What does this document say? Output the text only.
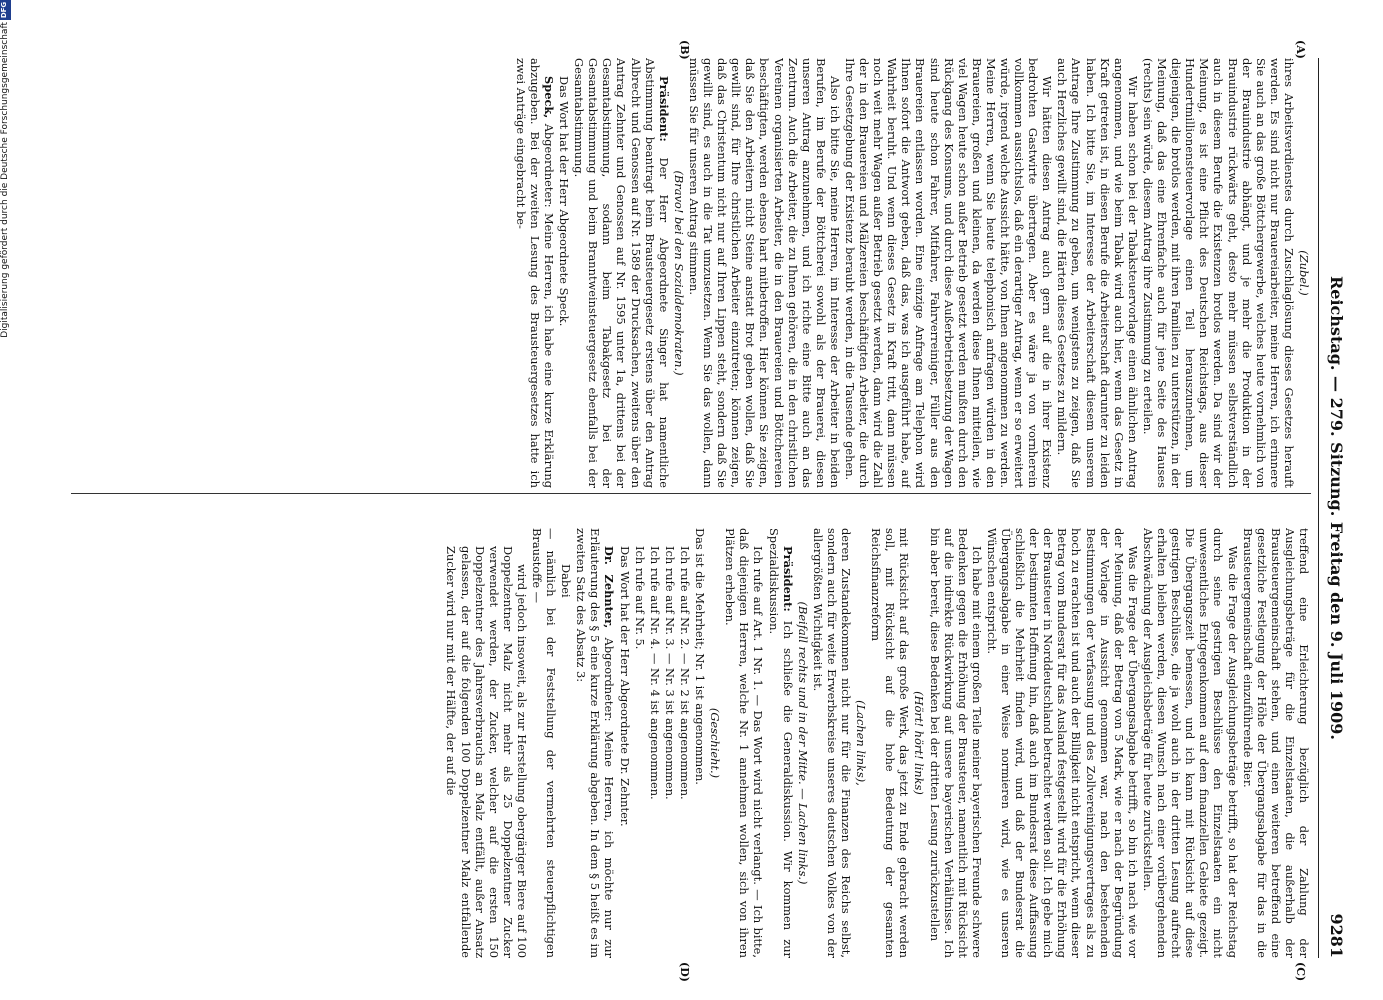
Reichstag. — 279. Sitzung. Freitag den 9. Juli 1909.
9281
(A)
(B)
(C)
(D)

(Zubel.)

ihres Arbeitsverdienstes durch Zuschlaglösung dieses Gesetzes herauft werden. Es sind nicht nur Brauereiarbeiter, meine Herren, ich erinnere Sie auch an das große Böttchergewerbe, welches heute vornehmlich von der Brauindustrie abhängt, und je mehr die Produktion in der Brauindustrie rückwärts geht, desto mehr müssen selbstverständlich auch in diesem Berufe die Existenzen brotlos werden. Da sind wir der Meinung, es ist eine Pflicht des Deutschen Reichstags, aus dieser Hundertmillionensteuervorlage einen Teil herauszunehmen, um diejenigen, die brotlos werden, mit ihren Familien zu unterstützen, in der Meinung, daß das eine Ehrenfache auch für jene Seite des Hauses (rechts) sein würde, diesem Antrag ihre Zustimmung zu erteilen.

Wir haben schon bei der Tabaksteuervorlage einen ähnlichen Antrag angenommen, und wie beim Tabak wird auch hier, wenn das Gesetz in Kraft getreten ist, in diesen Berufe die Arbeiterschaft darunter zu leiden haben. Ich bitte Sie, im Interesse der Arbeiterschaft diesem unserem Antrage Ihre Zustimmung zu geben, um wenigstens zu zeigen, daß Sie auch Herzliches gewillt sind, die Härten dieses Gesetzes zu mildern.

Wir hätten diesen Antrag auch gern auf die in ihrer Existenz bedrohten Gastwirte übertragen. Aber es wäre ja von vornherein vollkommen aussichtslos, daß ein derartiger Antrag, wenn er so erweitert würde, irgend welche Aussicht hätte, von Ihnen angenommen zu werden. Meine Herren, wenn Sie heute telephonisch anfragen würden in den Brauereien, großen und kleinen, da werden diese Ihnen mitteilen, wie viel Wagen heute schon außer Betrieb gesetzt werden mußten durch den Rückgang des Konsums, und durch diese Außerbetriebsetzung der Wagen sind heute schon Fahrer, Mitfahrer, Fahrverreiniger, Füller aus den Brauereien entlassen worden. Eine einzige Anfrage am Telephon wird Ihnen sofort die Antwort geben, daß das, was ich ausgeführt habe, auf Wahrheit beruht. Und wenn dieses Gesetz in Kraft tritt, dann müssen noch weit mehr Wagen außer Betrieb gesetzt werden, dann wird die Zahl der in den Brauereien und Mälzereien beschäftigten Arbeiter, die durch Ihre Gesetzgebung der Existenz beraubt werden, in die Tausende gehen.

Also ich bitte Sie, meine Herren, im Interesse der Arbeiter in beiden Berufen, im Berufe der Böttcherei sowohl als der Brauerei, diesen unseren Antrag anzunehmen, und ich richte eine Bitte auch an das Zentrum. Auch die Arbeiter, die zu Ihnen gehören, die in den christlichen Vereinen organisierten Arbeiter, die in den Brauereien und Böttchereien beschäftigten, werden ebenso hart mitbetroffen. Hier können Sie zeigen, daß Sie den Arbeitern nicht Steine anstatt Brot geben wollen, daß Sie gewillt sind, für Ihre christlichen Arbeiter einzutreten; können zeigen, daß das Christentum nicht nur auf Ihren Lippen steht, sondern daß Sie gewillt sind, es auch in die Tat umzusetzen. Wenn Sie das wollen, dann müssen Sie für unseren Antrag stimmen.

(Bravo! bei den Sozialdemokraten.)

Präsident: Der Herr Abgeordnete Singer hat namentliche Abstimmung beantragt beim Brausteuergesetz erstens über den Antrag Albrecht und Genossen auf Nr. 1589 der Drucksachen, zweitens über den Antrag Zehnter und Genossen auf Nr. 1595 unter 1a, drittens bei der Gesamtabstimmung, sodann beim Tabakgesetz bei der Gesamtabstimmung und beim Branntweinsteuergesetz ebenfalls bei der Gesamtabstimmung.

Das Wort hat der Herr Abgeordnete Speck.

Speck, Abgeordneter: Meine Herren, ich habe eine kurze Erklärung abzugeben. Bei der zweiten Lesung des Brausteuergesetzes hatte ich zwei Anträge eingebracht be-

treffend eine Erleichterung bezüglich der Zahlung der Ausgleichungsbeträge für die Einzelstaaten, die außerhalb der Brausteuergemeinschaft stehen, und einen weiteren betreffend eine gesetzliche Festlegung der Höhe der Übergangsabgabe für das in die Brausteuergemeinschaft einzuführende Bier.

Was die Frage der Ausgleichungsbeträge betrifft, so hat der Reichstag durch seine gestrigen Beschlüsse den Einzelstaaten ein nicht unwesentliches Entgegenkommen auf dem finanziellen Gebiete gezeigt. Die Übergangszeit bemessen, und ich kann mit Rücksicht auf diese gestrigen Beschlüsse, die ja wohl auch in der dritten Lesung aufrecht erhalten bleiben werden, diesen Wunsch nach einer vorübergehenden Abschwächung der Ausgleichsbeträge für heute zurückstellen.

Was die Frage der Übergangsabgabe betrifft, so bin ich nach wie vor der Meinung, daß der Betrag von 5 Mark, wie er nach der Begründung der Vorlage in Aussicht genommen war, nach den bestehenden Bestimmungen der Verfassung und des Zollvereinigungsvertrages als zu hoch zu erachten ist und auch der Billigkeit nicht entspricht, wenn dieser Betrag vom Bundesrat für das Ausland festgestellt wird für die Erhöhung der Brausteuer in Norddeutschland betrachtet werden soll. Ich gebe mich der bestimmten Hoffnung hin, daß auch im Bundesrat diese Auffassung schließlich die Mehrheit finden wird, und daß der Bundesrat die Übergangsabgabe in einer Weise normieren wird, wie es unseren Wünschen entspricht.

Ich habe mit einem großen Teile meiner bayerischen Freunde schwere Bedenken gegen die Erhöhung der Brausteuer, namentlich mit Rücksicht auf die indirekte Rückwirkung auf unsere bayerischen Verhältnisse. Ich bin aber bereit, diese Bedenken bei der dritten Lesung zurückzustellen

(Hört! hört! links)

mit Rücksicht auf das große Werk, das jetzt zu Ende gebracht werden soll, mit Rücksicht auf die hohe Bedeutung der gesamten Reichsfinanzreform

(Lachen links),

deren Zustandekommen nicht nur für die Finanzen des Reichs selbst, sondern auch für weite Erwerbskreise unseres deutschen Volkes von der allergrößten Wichtigkeit ist.

(Beifall rechts und in der Mitte. — Lachen links.)

Präsident: Ich schließe die Generaldiskussion. Wir kommen zur Spezialdiskussion.

Ich rufe auf Art. 1 Nr. 1. — Das Wort wird nicht verlangt. — Ich bitte, daß diejenigen Herren, welche Nr. 1 annehmen wollen, sich von ihren Plätzen erheben.

(Geschieht.)

Das ist die Mehrheit; Nr. 1 ist angenommen.

Ich rufe auf Nr. 2. — Nr. 2 ist angenommen.

Ich rufe auf Nr. 3. — Nr. 3 ist angenommen.

Ich rufe auf Nr. 4. — Nr. 4 ist angenommen.

Ich rufe auf Nr. 5.

Das Wort hat der Herr Abgeordnete Dr. Zehnter.

Dr. Zehnter, Abgeordneter: Meine Herren, ich möchte nur zur Erläuterung des § 5 eine kurze Erklärung abgeben. In dem § 5 heißt es im zweiten Satz des Absatz 3:

Dabei

— nämlich bei der Feststellung der vermehrten steuerpflichtigen Braustoffe —

wird jedoch insoweit, als zur Herstellung obergäriger Biere auf 100 Doppelzentner Malz nicht mehr als 25 Doppelzentner Zucker verwendet werden, der Zucker, welcher auf die ersten 150 Doppelzentner des Jahresverbrauchs an Malz entfällt, außer Ansatz gelassen, der auf die folgenden 100 Doppelzentner Malz entfallende Zucker wird nur mit der Hälfte, der auf die

Digitalisierung gefördert durch die Deutsche Forschungsgemeinschaft
DFG
